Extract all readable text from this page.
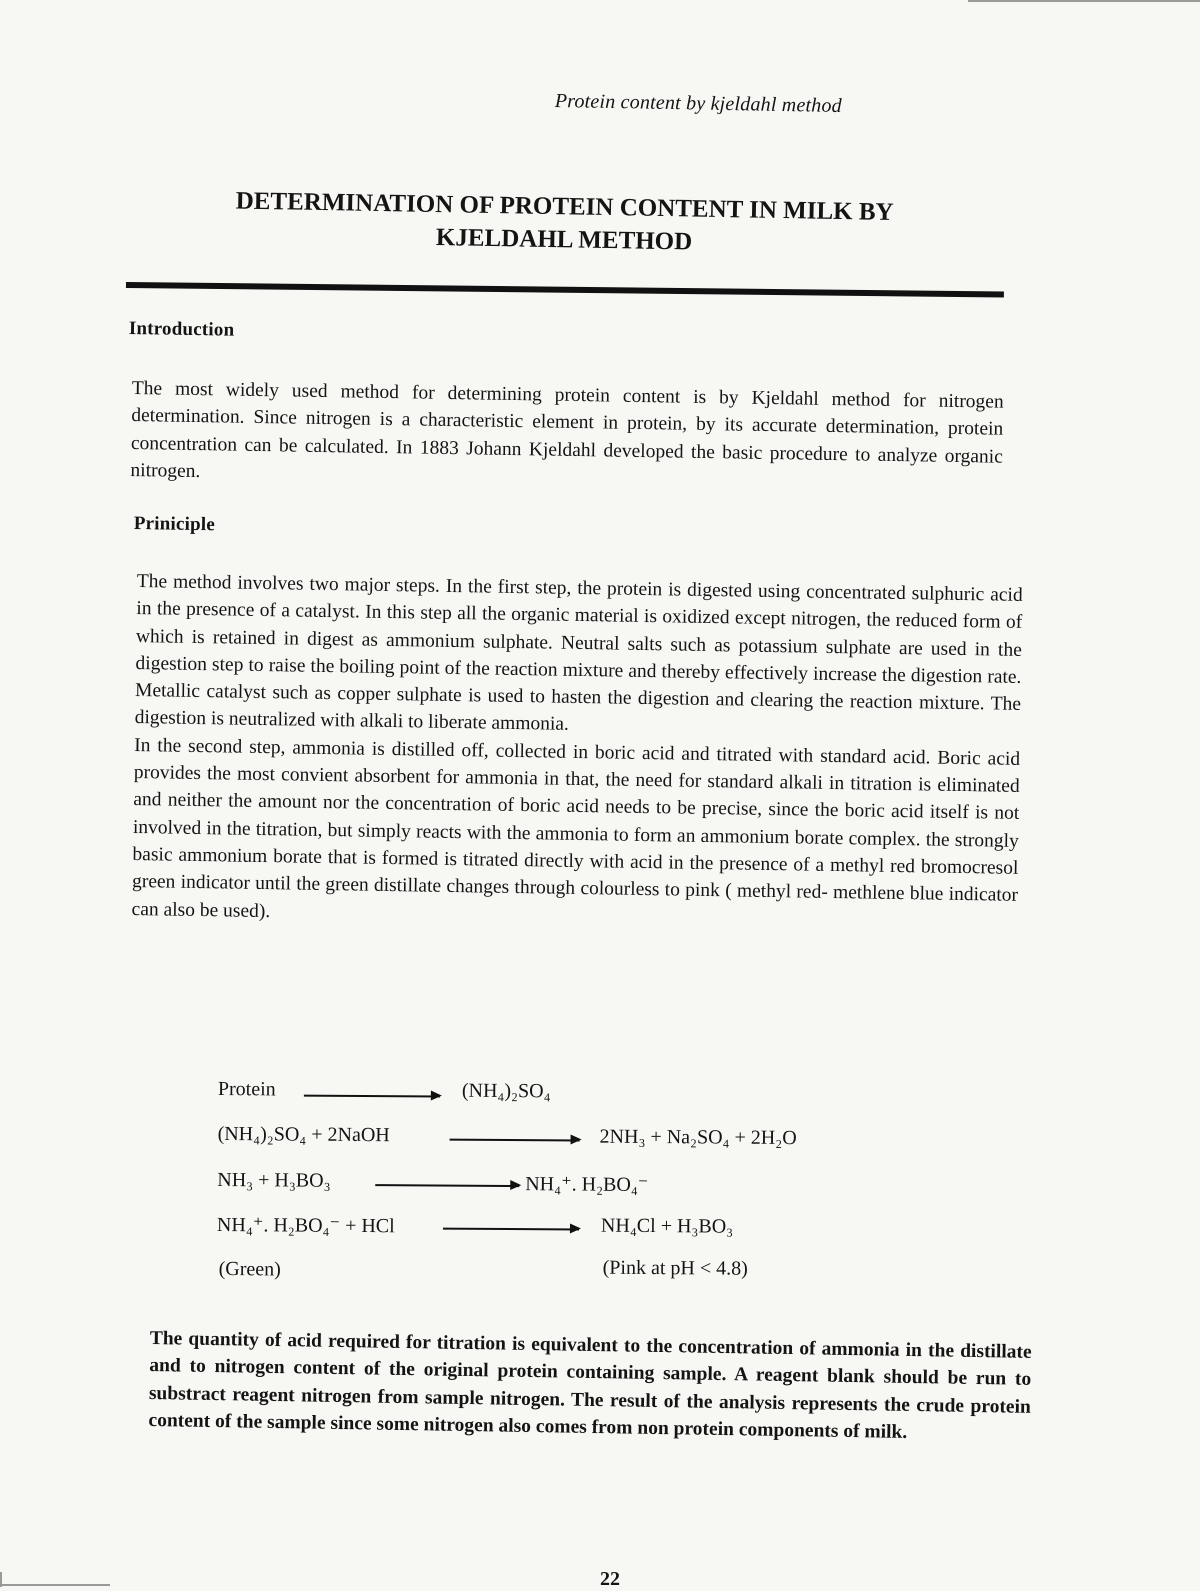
Protein content by kjeldahl method
DETERMINATION OF PROTEIN CONTENT IN MILK BY
KJELDAHL METHOD
Introduction
The most widely used method for determining protein content is by Kjeldahl method for nitrogen determination. Since nitrogen is a characteristic element in protein, by its accurate determination, protein concentration can be calculated. In 1883 Johann Kjeldahl developed the basic procedure to analyze organic nitrogen.
Priniciple
The method involves two major steps. In the first step, the protein is digested using concentrated sulphuric acid in the presence of a catalyst. In this step all the organic material is oxidized except nitrogen, the reduced form of which is retained in digest as ammonium sulphate. Neutral salts such as potassium sulphate are used in the digestion step to raise the boiling point of the reaction mixture and thereby effectively increase the digestion rate. Metallic catalyst such as copper sulphate is used to hasten the digestion and clearing the reaction mixture. The digestion is neutralized with alkali to liberate ammonia.
In the second step, ammonia is distilled off, collected in boric acid and titrated with standard acid. Boric acid provides the most convient absorbent for ammonia in that, the need for standard alkali in titration is eliminated and neither the amount nor the concentration of boric acid needs to be precise, since the boric acid itself is not involved in the titration, but simply reacts with the ammonia to form an ammonium borate complex. the strongly basic ammonium borate that is formed is titrated directly with acid in the presence of a methyl red bromocresol green indicator until the green distillate changes through colourless to pink ( methyl red- methlene blue indicator can also be used).
Protein	(NH₄)₂SO₄
(NH₄)₂SO₄ + 2NaOH	2NH₃ + Na₂SO₄ + 2H₂O
NH₃ + H₃BO₃	NH₄⁺. H₂BO₄⁻
NH₄⁺. H₂BO₄⁻ + HCl	NH₄Cl + H₃BO₃
(Green)	(Pink at pH < 4.8)
The quantity of acid required for titration is equivalent to the concentration of ammonia in the distillate and to nitrogen content of the original protein containing sample. A reagent blank should be run to substract reagent nitrogen from sample nitrogen. The result of the analysis represents the crude protein content of the sample since some nitrogen also comes from non protein components of milk.
22
